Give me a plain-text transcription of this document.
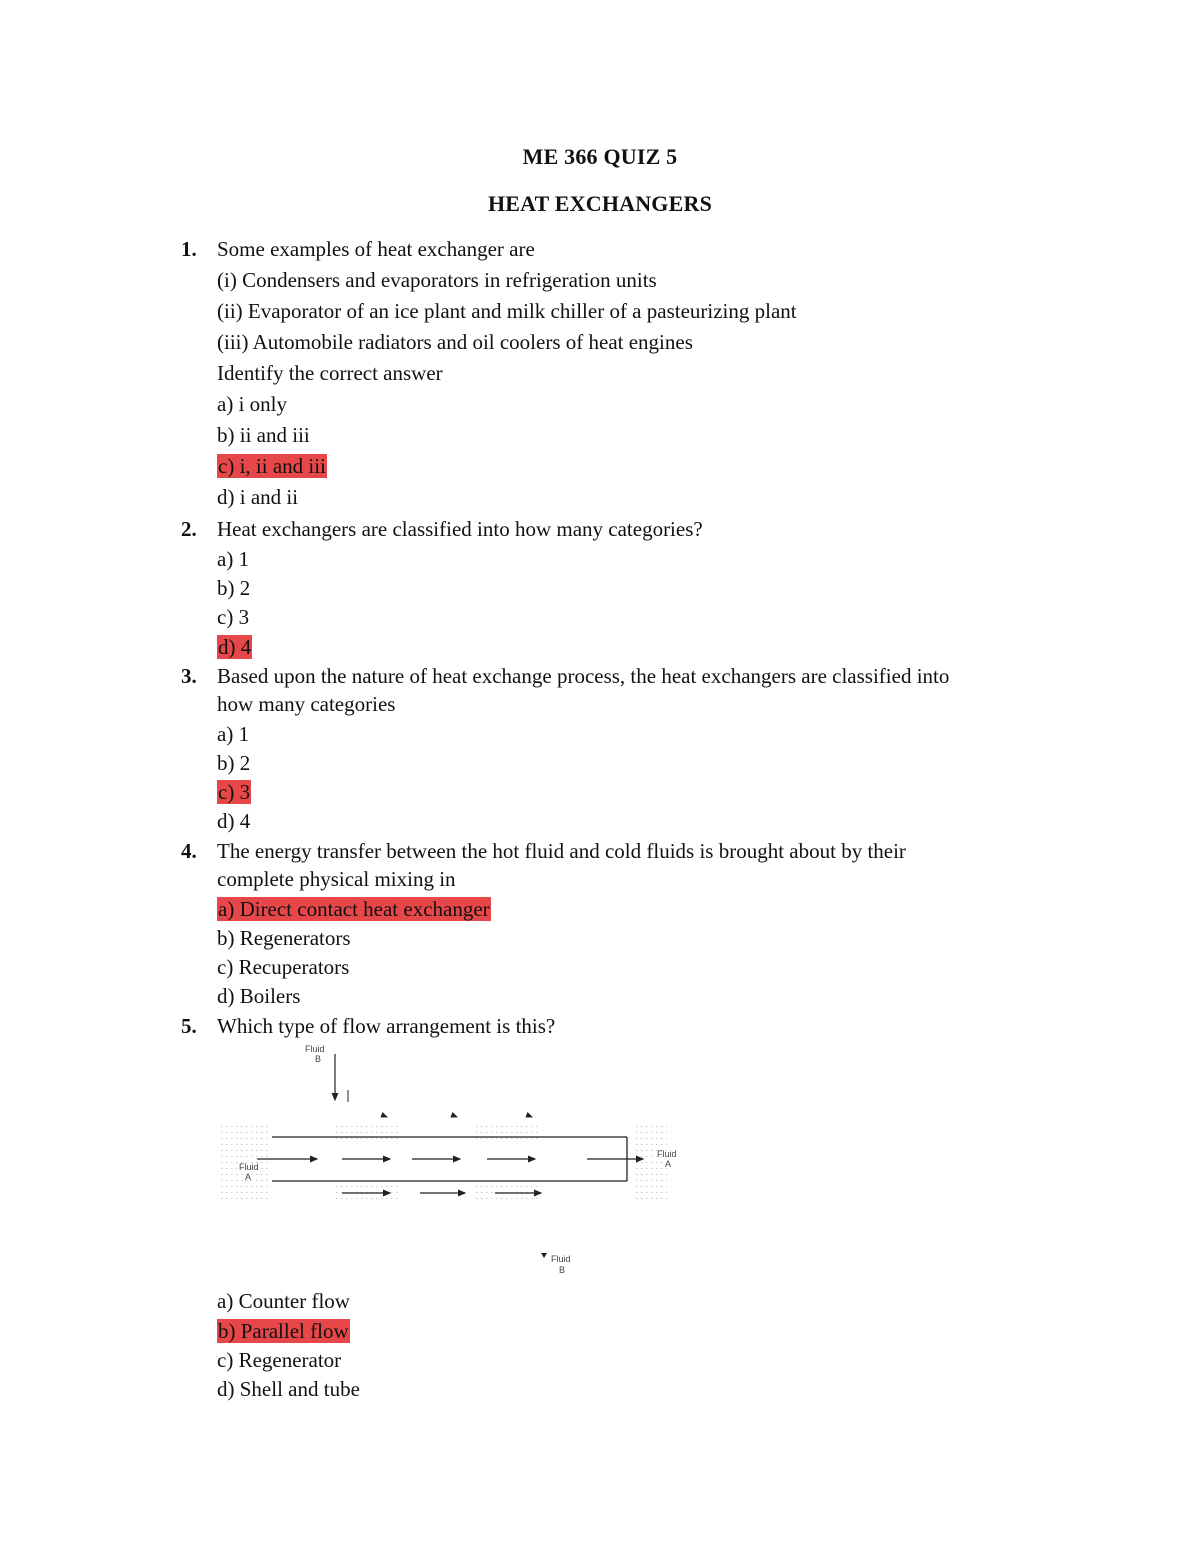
ME 366 QUIZ 5
HEAT EXCHANGERS
1. Some examples of heat exchanger are
(i) Condensers and evaporators in refrigeration units
(ii) Evaporator of an ice plant and milk chiller of a pasteurizing plant
(iii) Automobile radiators and oil coolers of heat engines
Identify the correct answer
a) i only
b) ii and iii
c) i, ii and iii
d) i and ii
2. Heat exchangers are classified into how many categories?
a) 1
b) 2
c) 3
d) 4
3. Based upon the nature of heat exchange process, the heat exchangers are classified into
how many categories
a) 1
b) 2
c) 3
d) 4
4. The energy transfer between the hot fluid and cold fluids is brought about by their
complete physical mixing in
a) Direct contact heat exchanger
b) Regenerators
c) Recuperators
d) Boilers
5. Which type of flow arrangement is this?
Fluid
B
Fluid
A
Fluid
A
Fluid
B
a) Counter flow
b) Parallel flow
c) Regenerator
d) Shell and tube
